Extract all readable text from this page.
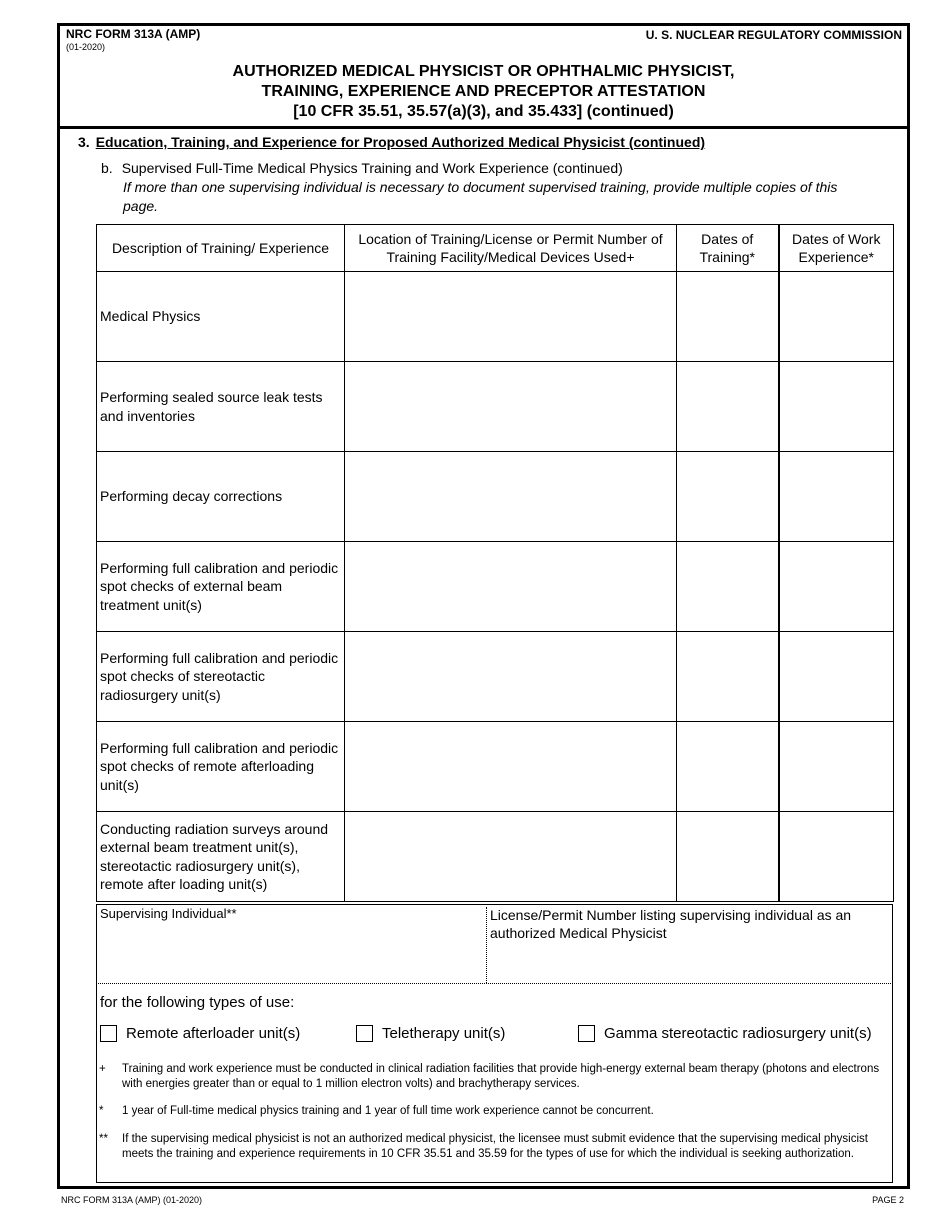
NRC FORM 313A (AMP)
(01-2020)
U. S. NUCLEAR REGULATORY COMMISSION
AUTHORIZED MEDICAL PHYSICIST OR OPHTHALMIC PHYSICIST,
TRAINING, EXPERIENCE AND PRECEPTOR ATTESTATION
[10 CFR 35.51, 35.57(a)(3), and 35.433] (continued)
3. Education, Training, and Experience for Proposed Authorized Medical Physicist (continued)
b. Supervised Full-Time Medical Physics Training and Work Experience (continued)
If more than one supervising individual is necessary to document supervised training, provide multiple copies of this page.
Description of Training/ Experience	Location of Training/License or Permit Number of Training Facility/Medical Devices Used+	Dates of Training*	Dates of Work Experience*
Medical Physics			
Performing sealed source leak tests and inventories			
Performing decay corrections			
Performing full calibration and periodic spot checks of external beam treatment unit(s)			
Performing full calibration and periodic spot checks of stereotactic radiosurgery unit(s)			
Performing full calibration and periodic spot checks of remote afterloading unit(s)			
Conducting radiation surveys around external beam treatment unit(s), stereotactic radiosurgery unit(s), remote after loading unit(s)			
Supervising Individual**	License/Permit Number listing supervising individual as an authorized Medical Physicist
for the following types of use:
Remote afterloader unit(s)	Teletherapy unit(s)	Gamma stereotactic radiosurgery unit(s)
+ Training and work experience must be conducted in clinical radiation facilities that provide high-energy external beam therapy (photons and electrons with energies greater than or equal to 1 million electron volts) and brachytherapy services.
* 1 year of Full-time medical physics training and 1 year of full time work experience cannot be concurrent.
** If the supervising medical physicist is not an authorized medical physicist, the licensee must submit evidence that the supervising medical physicist meets the training and experience requirements in 10 CFR 35.51 and 35.59 for the types of use for which the individual is seeking authorization.
NRC FORM 313A (AMP) (01-2020)	PAGE 2
